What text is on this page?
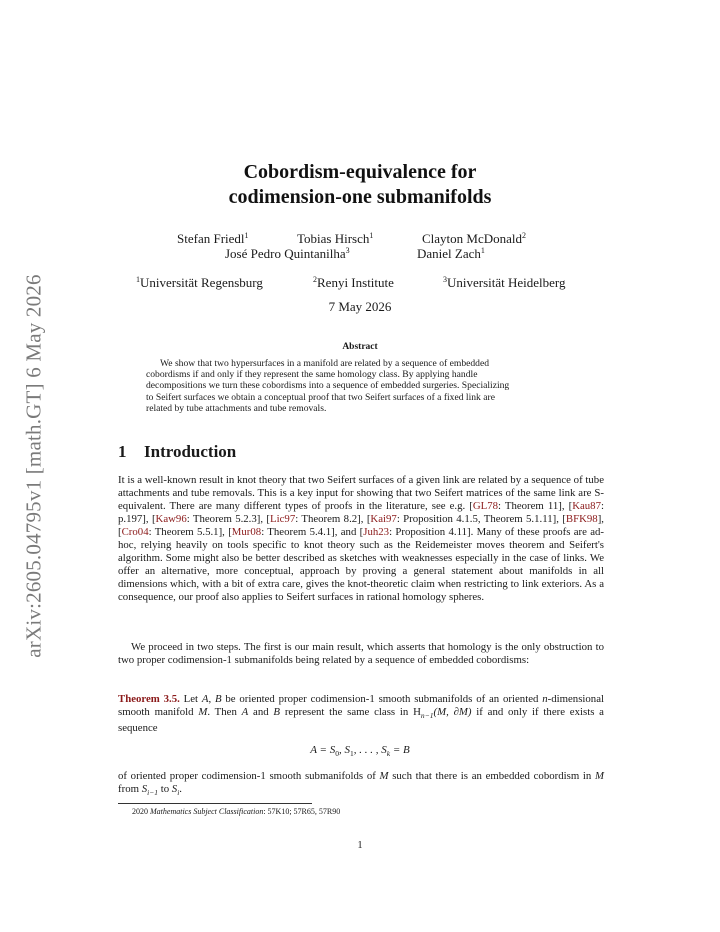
arXiv:2605.04795v1 [math.GT] 6 May 2026
Cobordism-equivalence for
codimension-one submanifolds
Stefan Friedl$^1$	Tobias Hirsch$^1$	Clayton McDonald$^2$
José Pedro Quintanilha$^3$	Daniel Zach$^1$
$^1$Universität Regensburg	$^2$Renyi Institute	$^3$Universität Heidelberg
7 May 2026
Abstract
We show that two hypersurfaces in a manifold are related by a sequence of embedded
cobordisms if and only if they represent the same homology class. By applying handle
decompositions we turn these cobordisms into a sequence of embedded surgeries. Specializing
to Seifert surfaces we obtain a conceptual proof that two Seifert surfaces of a fixed link are
related by tube attachments and tube removals.
1 Introduction
It is a well-known result in knot theory that two Seifert surfaces of a given link are related by a sequence of tube attachments and tube removals. This is a key input for showing that two Seifert matrices of the same link are S-equivalent. There are many different types of proofs in the literature, see e.g. [GL78: Theorem 11], [Kau87: p.197], [Kaw96: Theorem 5.2.3], [Lic97: Theorem 8.2], [Kai97: Proposition 4.1.5, Theorem 5.1.11], [BFK98], [Cro04: Theorem 5.5.1], [Mur08: Theorem 5.4.1], and [Juh23: Proposition 4.11]. Many of these proofs are ad-hoc, relying heavily on tools specific to knot theory such as the Reidemeister moves theorem and Seifert's algorithm. Some might also be better described as sketches with weaknesses especially in the case of links. We offer an alternative, more conceptual, approach by proving a general statement about manifolds in all dimensions which, with a bit of extra care, gives the knot-theoretic claim when restricting to link exteriors. As a consequence, our proof also applies to Seifert surfaces in rational homology spheres.
We proceed in two steps. The first is our main result, which asserts that homology is the only obstruction to two proper codimension-1 submanifolds being related by a sequence of embedded cobordisms:
Theorem 3.5. Let A, B be oriented proper codimension-1 smooth submanifolds of an oriented n-dimensional smooth manifold M. Then A and B represent the same class in $H_{n-1}(M$, ∂M) if and only if there exists a sequence
$A = S_0$, $S_1$, . . . , $S_k = B$
of oriented proper codimension-1 smooth submanifolds of M such that there is an embedded cobordism in M from $S_{i-1}$ to $S_i$.
2020 Mathematics Subject Classification: 57K10; 57R65, 57R90
1
